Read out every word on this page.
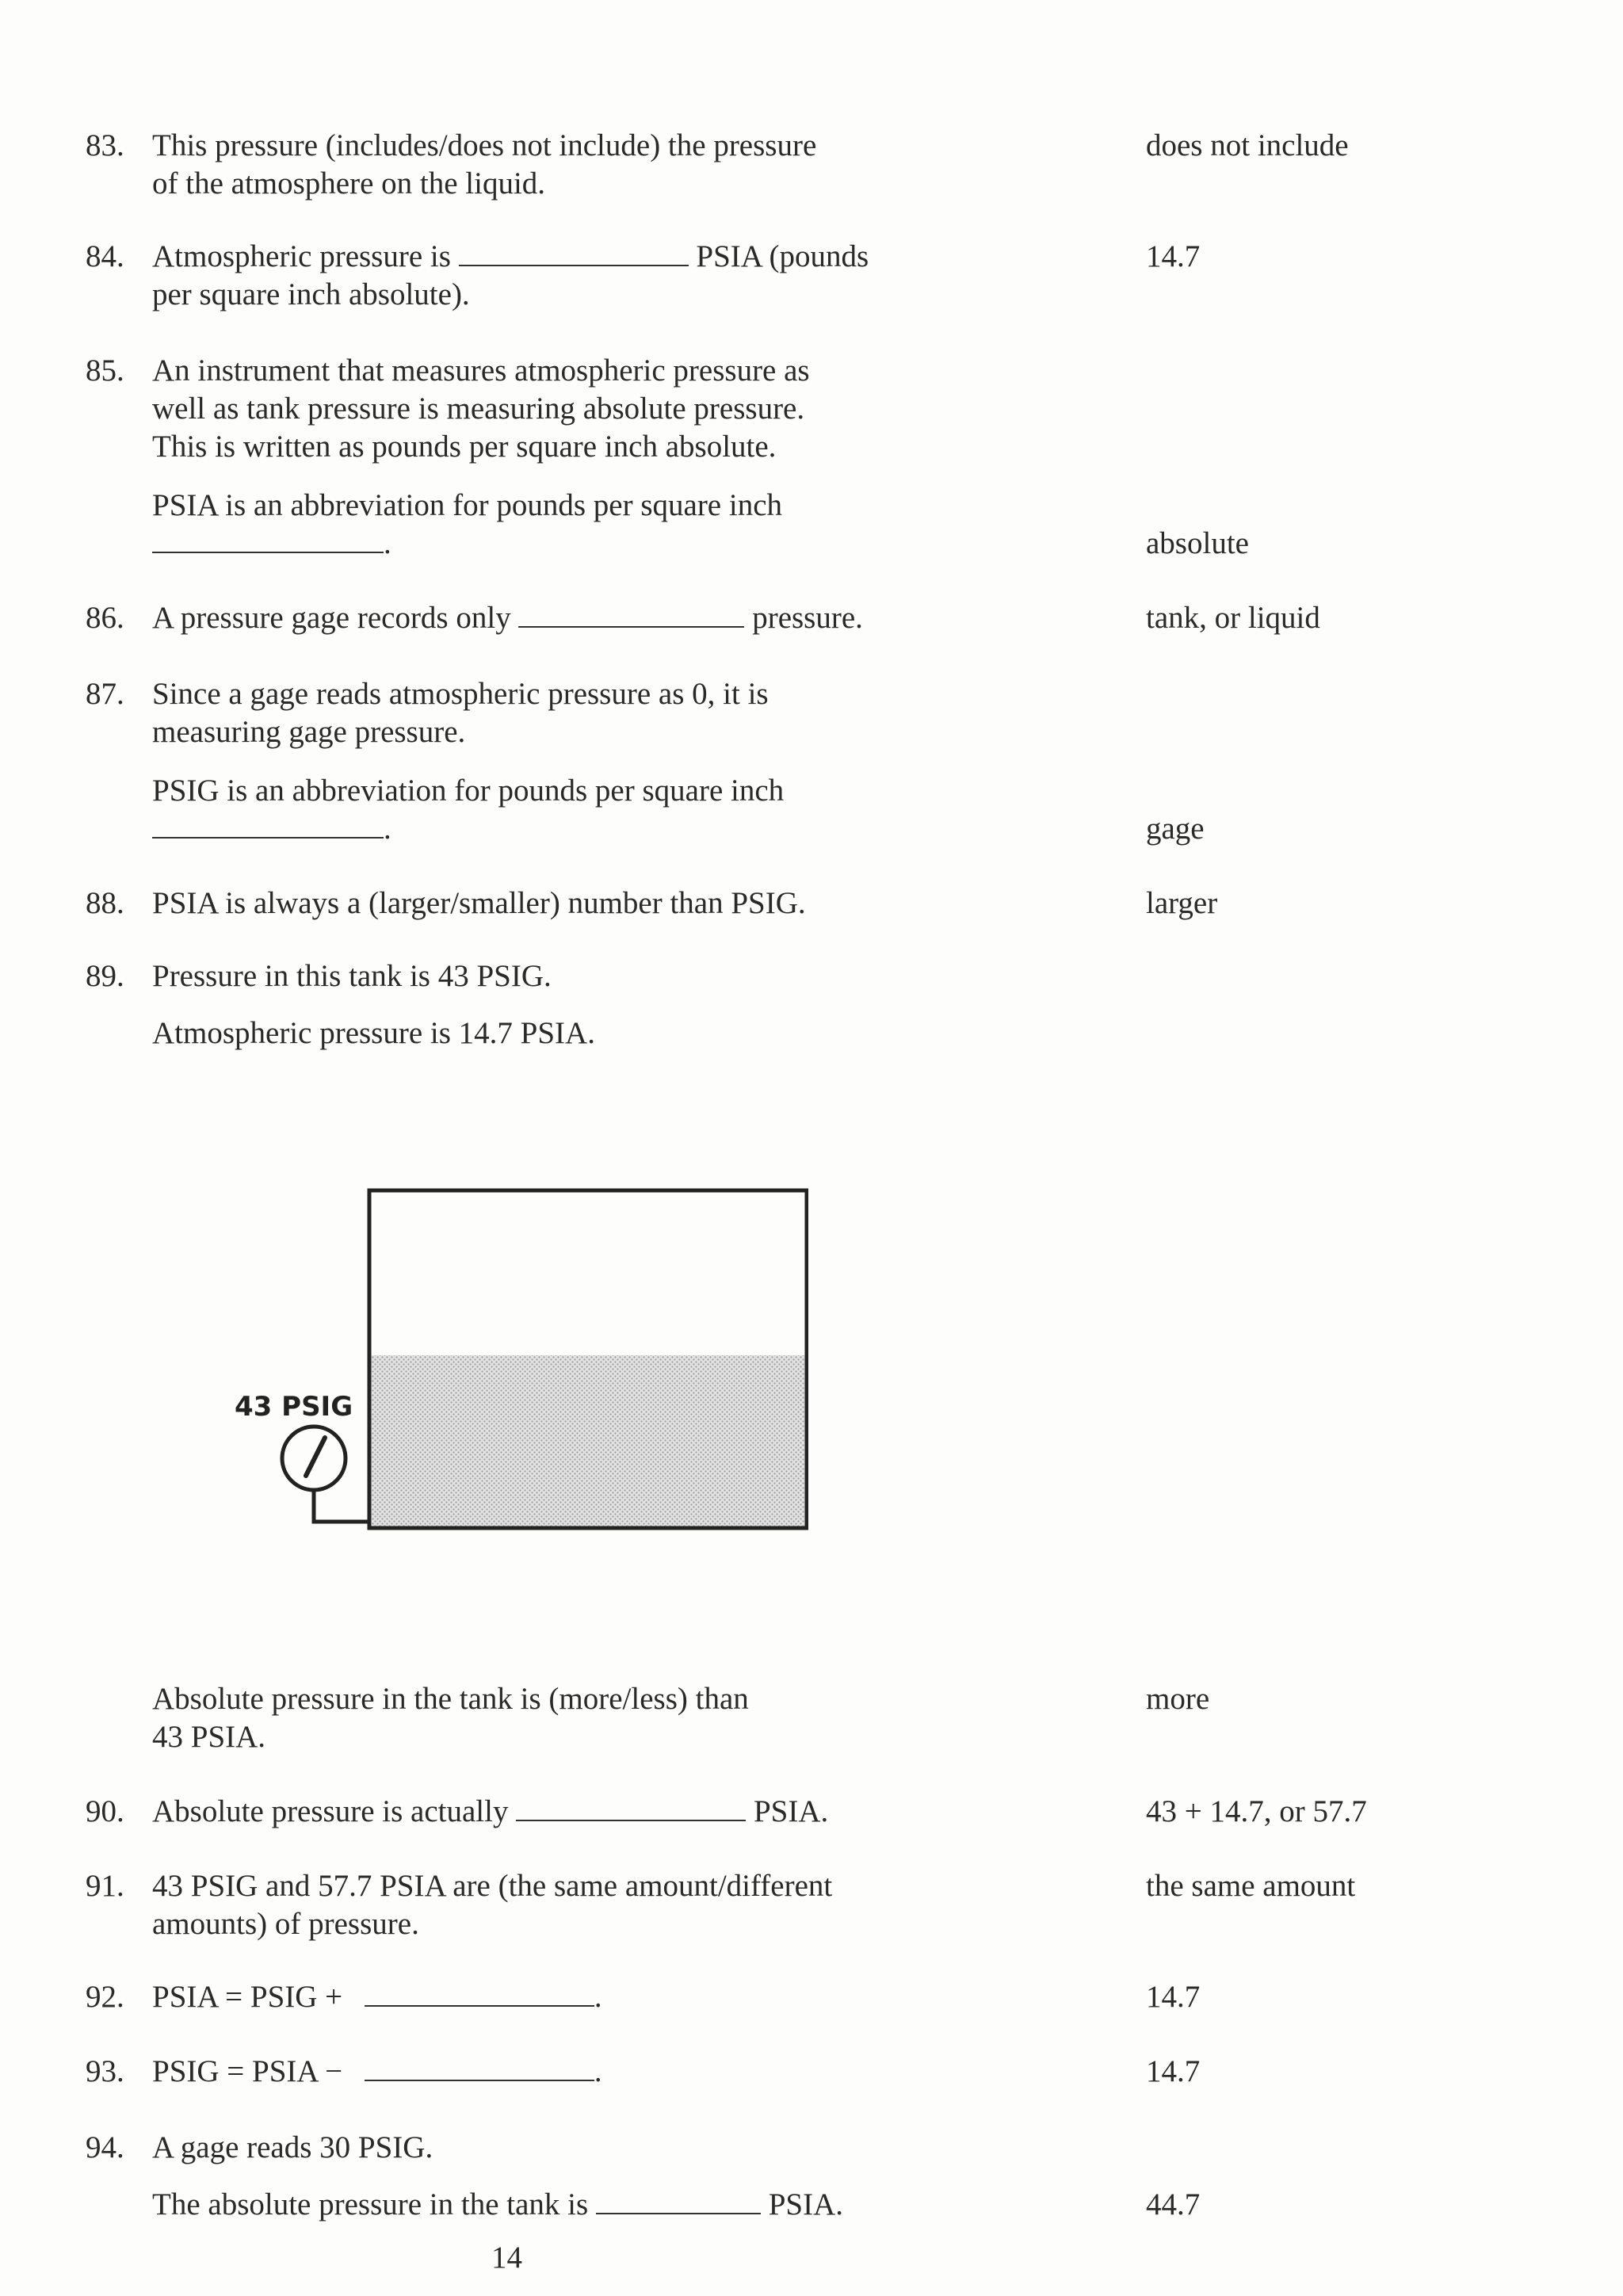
83. This pressure (includes/does not include) the pressure
of the atmosphere on the liquid.
does not include
84. Atmospheric pressure is	PSIA (pounds
per square inch absolute).
14.7
85. An instrument that measures atmospheric pressure as
well as tank pressure is measuring absolute pressure.
This is written as pounds per square inch absolute.
PSIA is an abbreviation for pounds per square inch
.	absolute
86. A pressure gage records only	pressure.	tank, or liquid
87. Since a gage reads atmospheric pressure as 0, it is
measuring gage pressure.
PSIG is an abbreviation for pounds per square inch
.	gage
88. PSIA is always a (larger/smaller) number than PSIG.	larger
89. Pressure in this tank is 43 PSIG.
Atmospheric pressure is 14.7 PSIA.
43 PSIG
Absolute pressure in the tank is (more/less) than
43 PSIA.
more
90. Absolute pressure is actually	PSIA.	43 + 14.7, or 57.7
91. 43 PSIG and 57.7 PSIA are (the same amount/different
amounts) of pressure.
the same amount
92. PSIA = PSIG +	.	14.7
93. PSIG = PSIA −	.	14.7
94. A gage reads 30 PSIG.
The absolute pressure in the tank is	PSIA.	44.7
14
